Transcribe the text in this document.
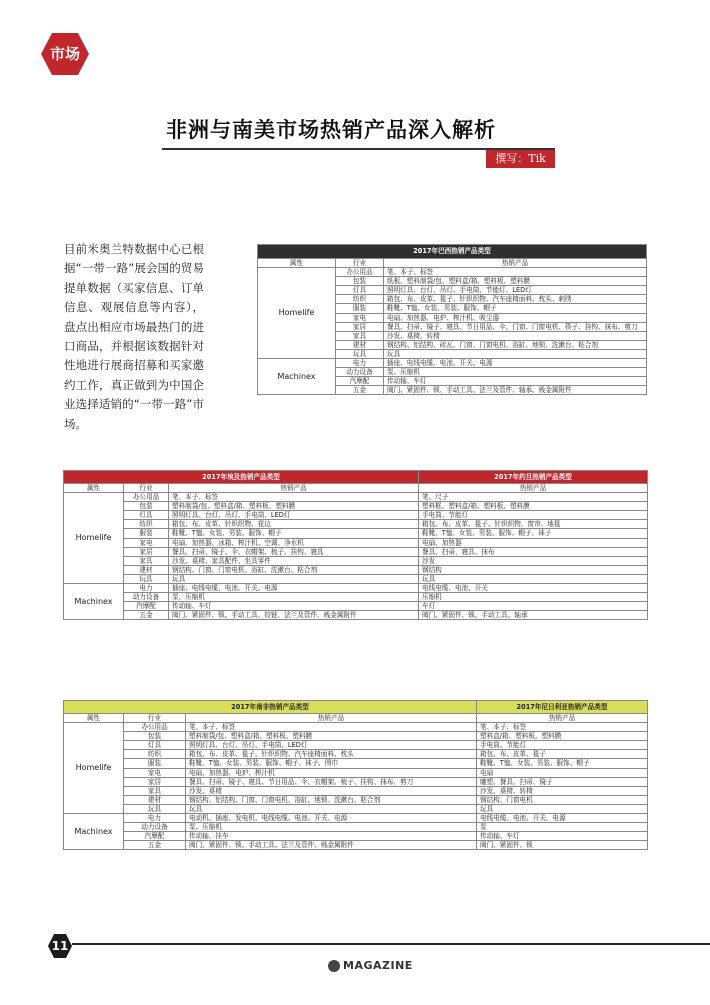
市场
非洲与南美市场热销产品深入解析
撰写：Tik
目前米奥兰特数据中心已根据“一带一路”展会国的贸易提单数据（买家信息、订单信息、观展信息等内容），盘点出相应市场最热门的进口商品，并根据该数据针对性地进行展商招募和买家邀约工作，真正做到为中国企业选择适销的“一带一路”市场。
2017年巴西热销产品类型		
属性	行业	热销产品
Homelife	办公用品	笔、本子、标签
	包装	纸板、塑料制袋/包、塑料盒/箱、塑料板、塑料膜
	灯具	照明灯具、台灯、吊灯、手电筒、节能灯、LED灯
	纺织	箱包、布、皮革、毯子、针织织物、汽车座椅面料、枕头、刺绣
	服装	鞋靴、T恤、女装、男装、服饰、帽子
	家电	电扇、加热器、电炉、榨汁机、吸尘器
	家居	餐具、扫帚、镜子、寝具、节日用品、伞、门窗、门窗电机、筷子、挂钩、抹布、剪刀
	家具	沙发、桌椅、转椅
	建材	钢结构、铝结构、砖瓦、门窗、门窗电机、浴缸、地锁、洗漱台、粘合剂
	玩具	玩具
Machinex	电力	插座、电线电缆、电池、开关、电源
	动力设备	泵、压缩机
	汽摩配	传动轴、车灯
	五金	阀门、紧固件、锁、手动工具、法兰及管件、轴承、贱金属附件
2017年埃及热销产品类型			2017年约旦热销产品类型
属性	行业	热销产品	热销产品
Homelife	办公用品	笔、本子、标签	笔、尺子
	包装	塑料制袋/包、塑料盒/箱、塑料板、塑料膜	塑料框、塑料盒/箱、塑料板、塑料膜
	灯具	照明灯具、台灯、吊灯、手电筒、LED灯	手电筒、节能灯
	纺织	箱包、布、皮革、针织织物、花边	箱包、布、皮革、毯子、针织织物、窗帘、地毯
	服装	鞋靴、T恤、女装、男装、服饰、帽子	鞋靴、T恤、女装、男装、服饰、帽子、袜子
	家电	电扇、加热器、冰箱、榨汁机、空调、净水机	电扇、加热器
	家居	餐具、扫帚、镜子、伞、衣帽架、梳子、挂钩、寝具	餐具、扫帚、寝具、抹布
	家具	沙发、桌椅、家具配件、坐具零件	沙发
	建材	钢结构、门窗、门窗电机、浴缸、洗漱台、粘合剂	钢结构
	玩具	玩具	玩具
Machinex	电力	插座、电线电缆、电池、开关、电源	电线电缆、电池、开关
	动力设备	泵、压缩机	压缩机
	汽摩配	传动轴、车灯	车灯
	五金	阀门、紧固件、锁、手动工具、铰链、法兰及管件、贱金属附件	阀门、紧固件、锁、手动工具、轴承
2017年南非热销产品类型			2017年尼日利亚热销产品类型
属性	行业	热销产品	热销产品
Homelife	办公用品	笔、本子、标签	笔、本子、标签
	包装	塑料制袋/包、塑料盒/箱、塑料板、塑料膜	塑料盒/箱、塑料板、塑料膜
	灯具	照明灯具、台灯、吊灯、手电筒、LED灯	手电筒、节能灯
	纺织	箱包、布、皮革、毯子、针织织物、汽车座椅面料、枕头	箱包、布、皮革、毯子
	服装	鞋靴、T恤、女装、男装、服饰、帽子、袜子、围巾	鞋靴、T恤、女装、男装、服饰、帽子
	家电	电扇、加热器、电炉、榨汁机	电扇
	家居	餐具、扫帚、镜子、寝具、节日用品、伞、衣帽架、梳子、挂钩、抹布、剪刀	雕塑、餐具、扫帚、镜子
	家具	沙发、桌椅	沙发、桌椅、转椅
	建材	钢结构、铝结构、门窗、门窗电机、浴缸、地锁、洗漱台、粘合剂	钢结构、门窗电机
	玩具	玩具	玩具
Machinex	电力	电动机、插座、发电机、电线电缆、电池、开关、电源	电线电缆、电池、开关、电源
	动力设备	泵、压缩机	泵
	汽摩配	传动轴、挂车	传动轴、车灯
	五金	阀门、紧固件、锁、手动工具、法兰及管件、贱金属附件	阀门、紧固件、锁
11
MAGAZINE
